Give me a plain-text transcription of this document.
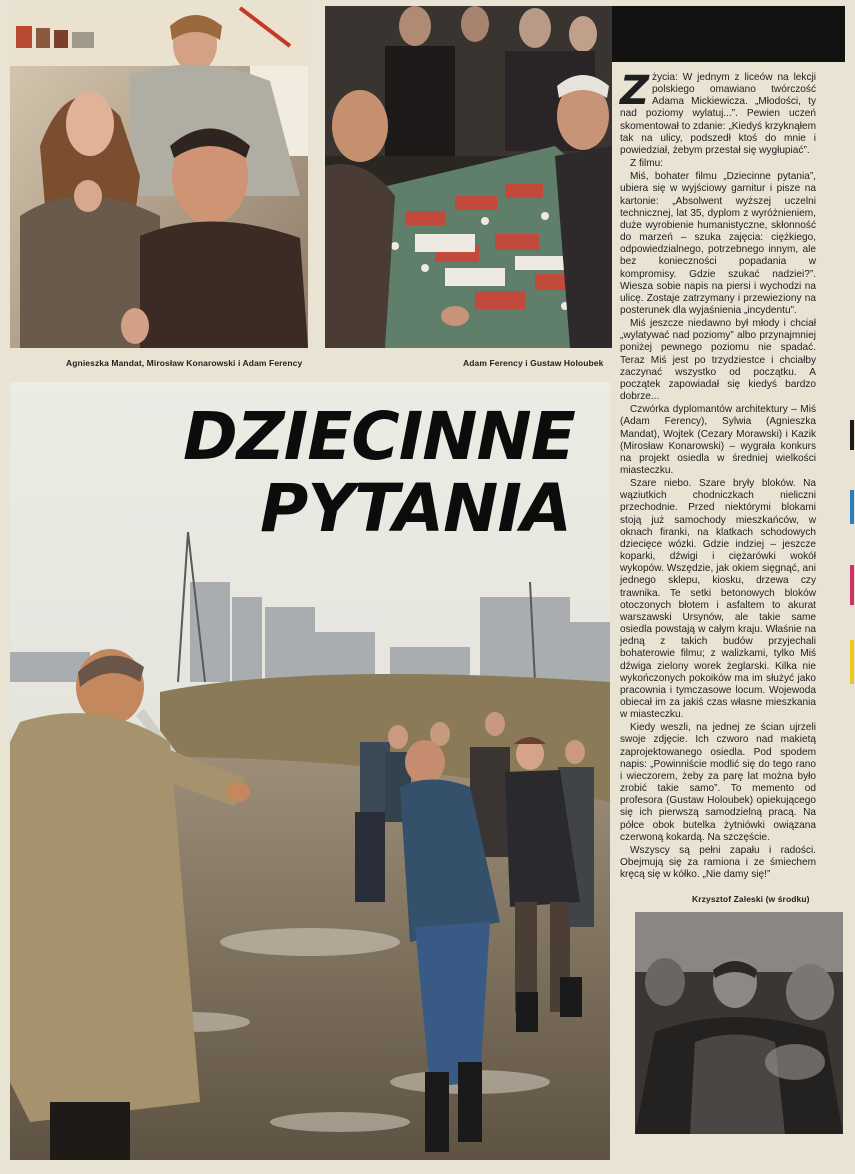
Agnieszka Mandat, Mirosław Konarowski i Adam Ferency	Adam Ferency i Gustaw Holoubek
DZIECINNE
PYTANIA

Zżycia: W jednym z liceów na lekcji polskiego omawiano twórczość Adama Mickiewicza. „Młodości, ty nad poziomy wylatuj...”. Pewien uczeń skomentował to zdanie: „Kiedyś krzyknąłem tak na ulicy, podszedł ktoś do mnie i powiedział, żebym przestał się wygłupiać”.

Z filmu:

Miś, bohater filmu „Dziecinne pytania”, ubiera się w wyjściowy garnitur i pisze na kartonie: „Absolwent wyższej uczelni technicznej, lat 35, dyplom z wyróżnieniem, duże wyrobienie humanistyczne, skłonność do marzeń – szuka zajęcia: ciężkiego, odpowiedzialnego, potrzebnego innym, ale bez konieczności popadania w kompromisy. Gdzie szukać nadziei?”. Wiesza sobie napis na piersi i wychodzi na ulicę. Zostaje zatrzymany i przewieziony na posterunek dla wyjaśnienia „incydentu”.

Miś jeszcze niedawno był młody i chciał „wylatywać nad poziomy” albo przynajmniej poniżej pewnego poziomu nie spadać. Teraz Miś jest po trzydziestce i chciałby zaczynać wszystko od początku. A początek zapowiadał się kiedyś bardzo dobrze...

Czwórka dyplomantów architektury – Miś (Adam Ferency), Sylwia (Agnieszka Mandat), Wojtek (Cezary Morawski) i Kazik (Mirosław Konarowski) – wygrała konkurs na projekt osiedla w średniej wielkości miasteczku.

Szare niebo. Szare bryły bloków. Na wąziutkich chodniczkach nieliczni przechodnie. Przed niektórymi blokami stoją już samochody mieszkańców, w oknach firanki, na klatkach schodowych dziecięce wózki. Gdzie indziej – jeszcze koparki, dźwigi i ciężarówki wokół wykopów. Wszędzie, jak okiem sięgnąć, ani jednego sklepu, kiosku, drzewa czy trawnika. Te setki betonowych bloków otoczonych błotem i asfaltem to akurat warszawski Ursynów, ale takie same osiedla powstają w całym kraju. Właśnie na jedną z takich budów przyjechali bohaterowie filmu; z walizkami, tylko Miś dźwiga zielony worek żeglarski. Kilka nie wykończonych pokoików ma im służyć jako pracownia i tymczasowe locum. Wojewoda obiecał im za jakiś czas własne mieszkania w miasteczku.

Kiedy weszli, na jednej ze ścian ujrzeli swoje zdjęcie. Ich czworo nad makietą zaprojektowanego osiedla. Pod spodem napis: „Powinniście modlić się do tego rano i wieczorem, żeby za parę lat można było zrobić takie samo”. To memento od profesora (Gustaw Holoubek) opiekującego się ich pierwszą samodzielną pracą. Na półce obok butelka żytniówki owiązana czerwoną kokardą. Na szczęście.

Wszyscy są pełni zapału i radości. Obejmują się za ramiona i ze śmiechem kręcą się w kółko. „Nie damy się!”

Krzysztof Zaleski (w środku)
